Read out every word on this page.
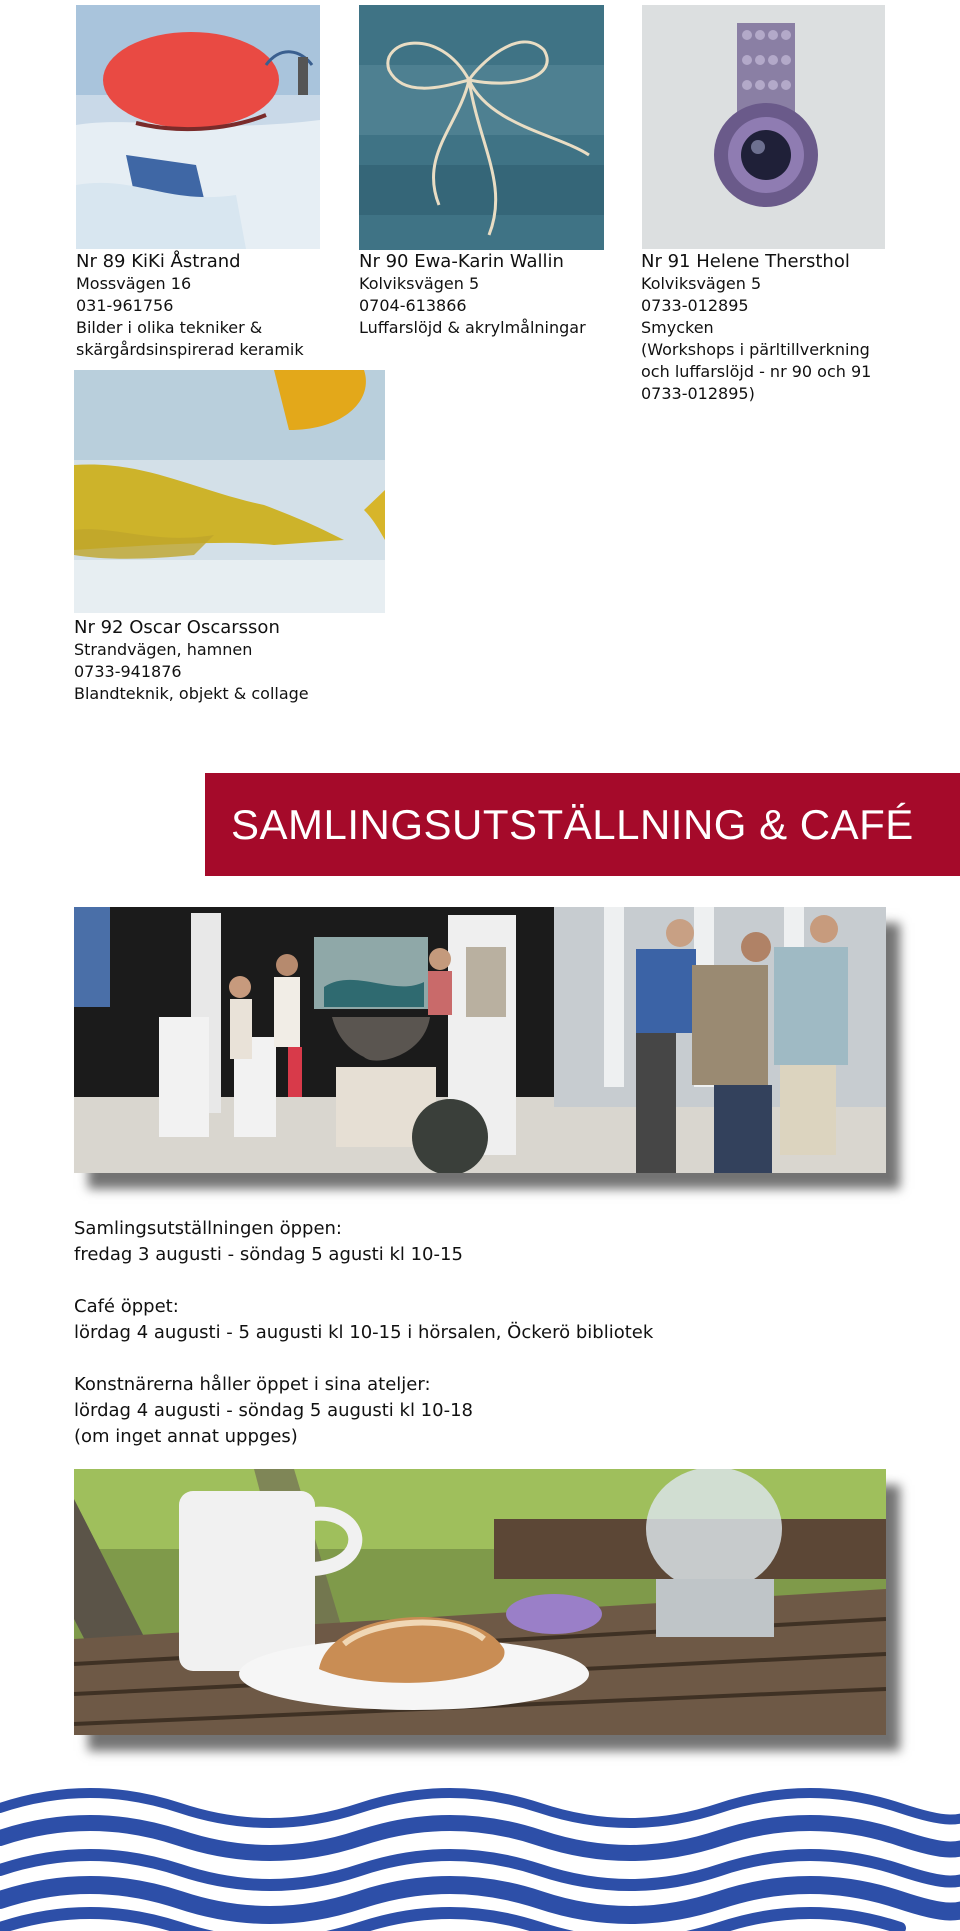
Nr 89 KiKi Åstrand
Mossvägen 16
031-961756
Bilder i olika tekniker &
skärgårdsinspirerad keramik
Nr 90 Ewa-Karin Wallin
Kolviksvägen 5
0704-613866
Luffarslöjd & akrylmålningar
Nr 91 Helene Thersthol
Kolviksvägen 5
0733-012895
Smycken
(Workshops i pärltillverkning
och luffarslöjd - nr 90 och 91
0733-012895)
Nr 92 Oscar Oscarsson
Strandvägen, hamnen
0733-941876
Blandteknik, objekt & collage
SAMLINGSUTSTÄLLNING & CAFÉ

Samlingsutställningen öppen:
fredag 3 augusti - söndag 5 agusti kl 10-15

Café öppet:
lördag 4 augusti - 5 augusti kl 10-15 i hörsalen, Öckerö bibliotek

Konstnärerna håller öppet i sina ateljer:
lördag 4 augusti - söndag 5 augusti kl 10-18
(om inget annat uppges)
